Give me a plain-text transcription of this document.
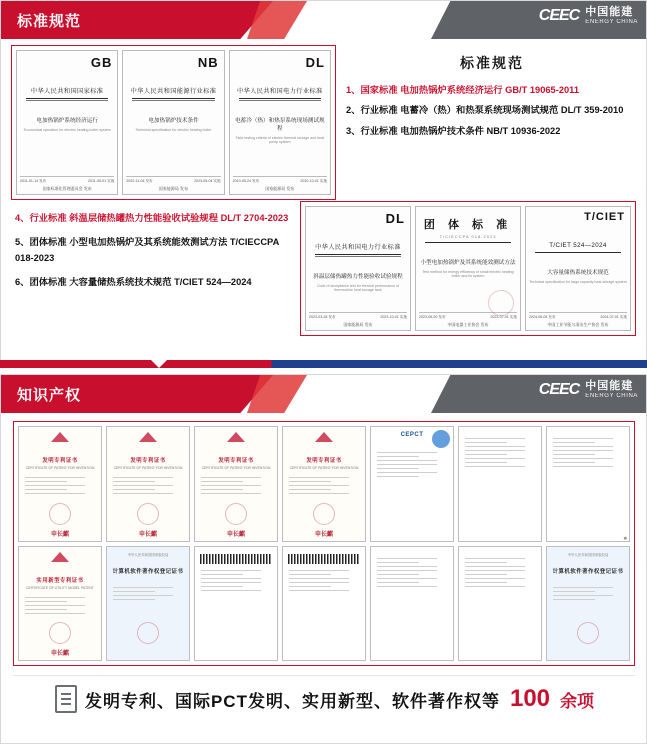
标准规范	CEEC 中国能建
ENERGY CHINA
GB
中华人民共和国国家标准
电加热锅炉系统经济运行
Economical operation for electric heating boiler system
2011-01-14 发布	2011-05-01 实施
国家标准化管理委员会 发布
NB
中华人民共和国能源行业标准
电加热锅炉技术条件
Technical specification for electric heating boiler
2022-11-04 发布	2023-05-04 实施
国家能源局 发布
DL
中华人民共和国电力行业标准
电蓄冷（热）和热泵系统现场测试规程
Field testing criteria of electric thermal storage and heat pump system
2010-05-24 发布	2010-10-01 实施
国家能源局 发布
标准规范
1、国家标准 电加热锅炉系统经济运行 GB/T 19065-2011
2、行业标准 电蓄冷（热）和热泵系统现场测试规范 DL/T 359-2010
3、行业标准 电加热锅炉技术条件 NB/T 10936-2022
4、行业标准 斜温层储热罐热力性能验收试验规程 DL/T 2704-2023
5、团体标准 小型电加热锅炉及其系统能效测试方法 T/CIECCPA 018-2023
6、团体标准 大容量储热系统技术规范 T/CIET 524—2024
DL
中华人民共和国电力行业标准
斜温层储热罐热力性能验收试验规程
Code of acceptance test for thermal performance of thermocline heat storage tank
2023-03-28 发布	2023-10-01 实施
国家能源局 发布
团 体 标 准
T/CIECCPA 018-2023
小型电加热锅炉及其系统能效测试方法
Test method for energy efficiency of small electric heating boiler and its system
2023-06-20 发布	2023-07-01 实施
中国电器工业协会 发布
T/CIET
T/CIET 524—2024
大容量储热系统技术规范
Technical specification for large capacity heat storage system
2024-06-05 发布	2024-07-01 实施
中国工业节能与清洁生产协会 发布
知识产权	CEEC 中国能建
ENERGY CHINA
发明专利证书
CERTIFICATE OF PATENT FOR INVENTION
申长麒
发明专利证书
CERTIFICATE OF PATENT FOR INVENTION
申长麒
发明专利证书
CERTIFICATE OF PATENT FOR INVENTION
申长麒
发明专利证书
CERTIFICATE OF PATENT FOR INVENTION
申长麒
CEPCT
⬤
实用新型专利证书
CERTIFICATE OF UTILITY MODEL PATENT
申长麒
中华人民共和国国家版权局
计算机软件著作权登记证书
中华人民共和国国家版权局
计算机软件著作权登记证书
发明专利、国际PCT发明、实用新型、软件著作权等 100 余项
